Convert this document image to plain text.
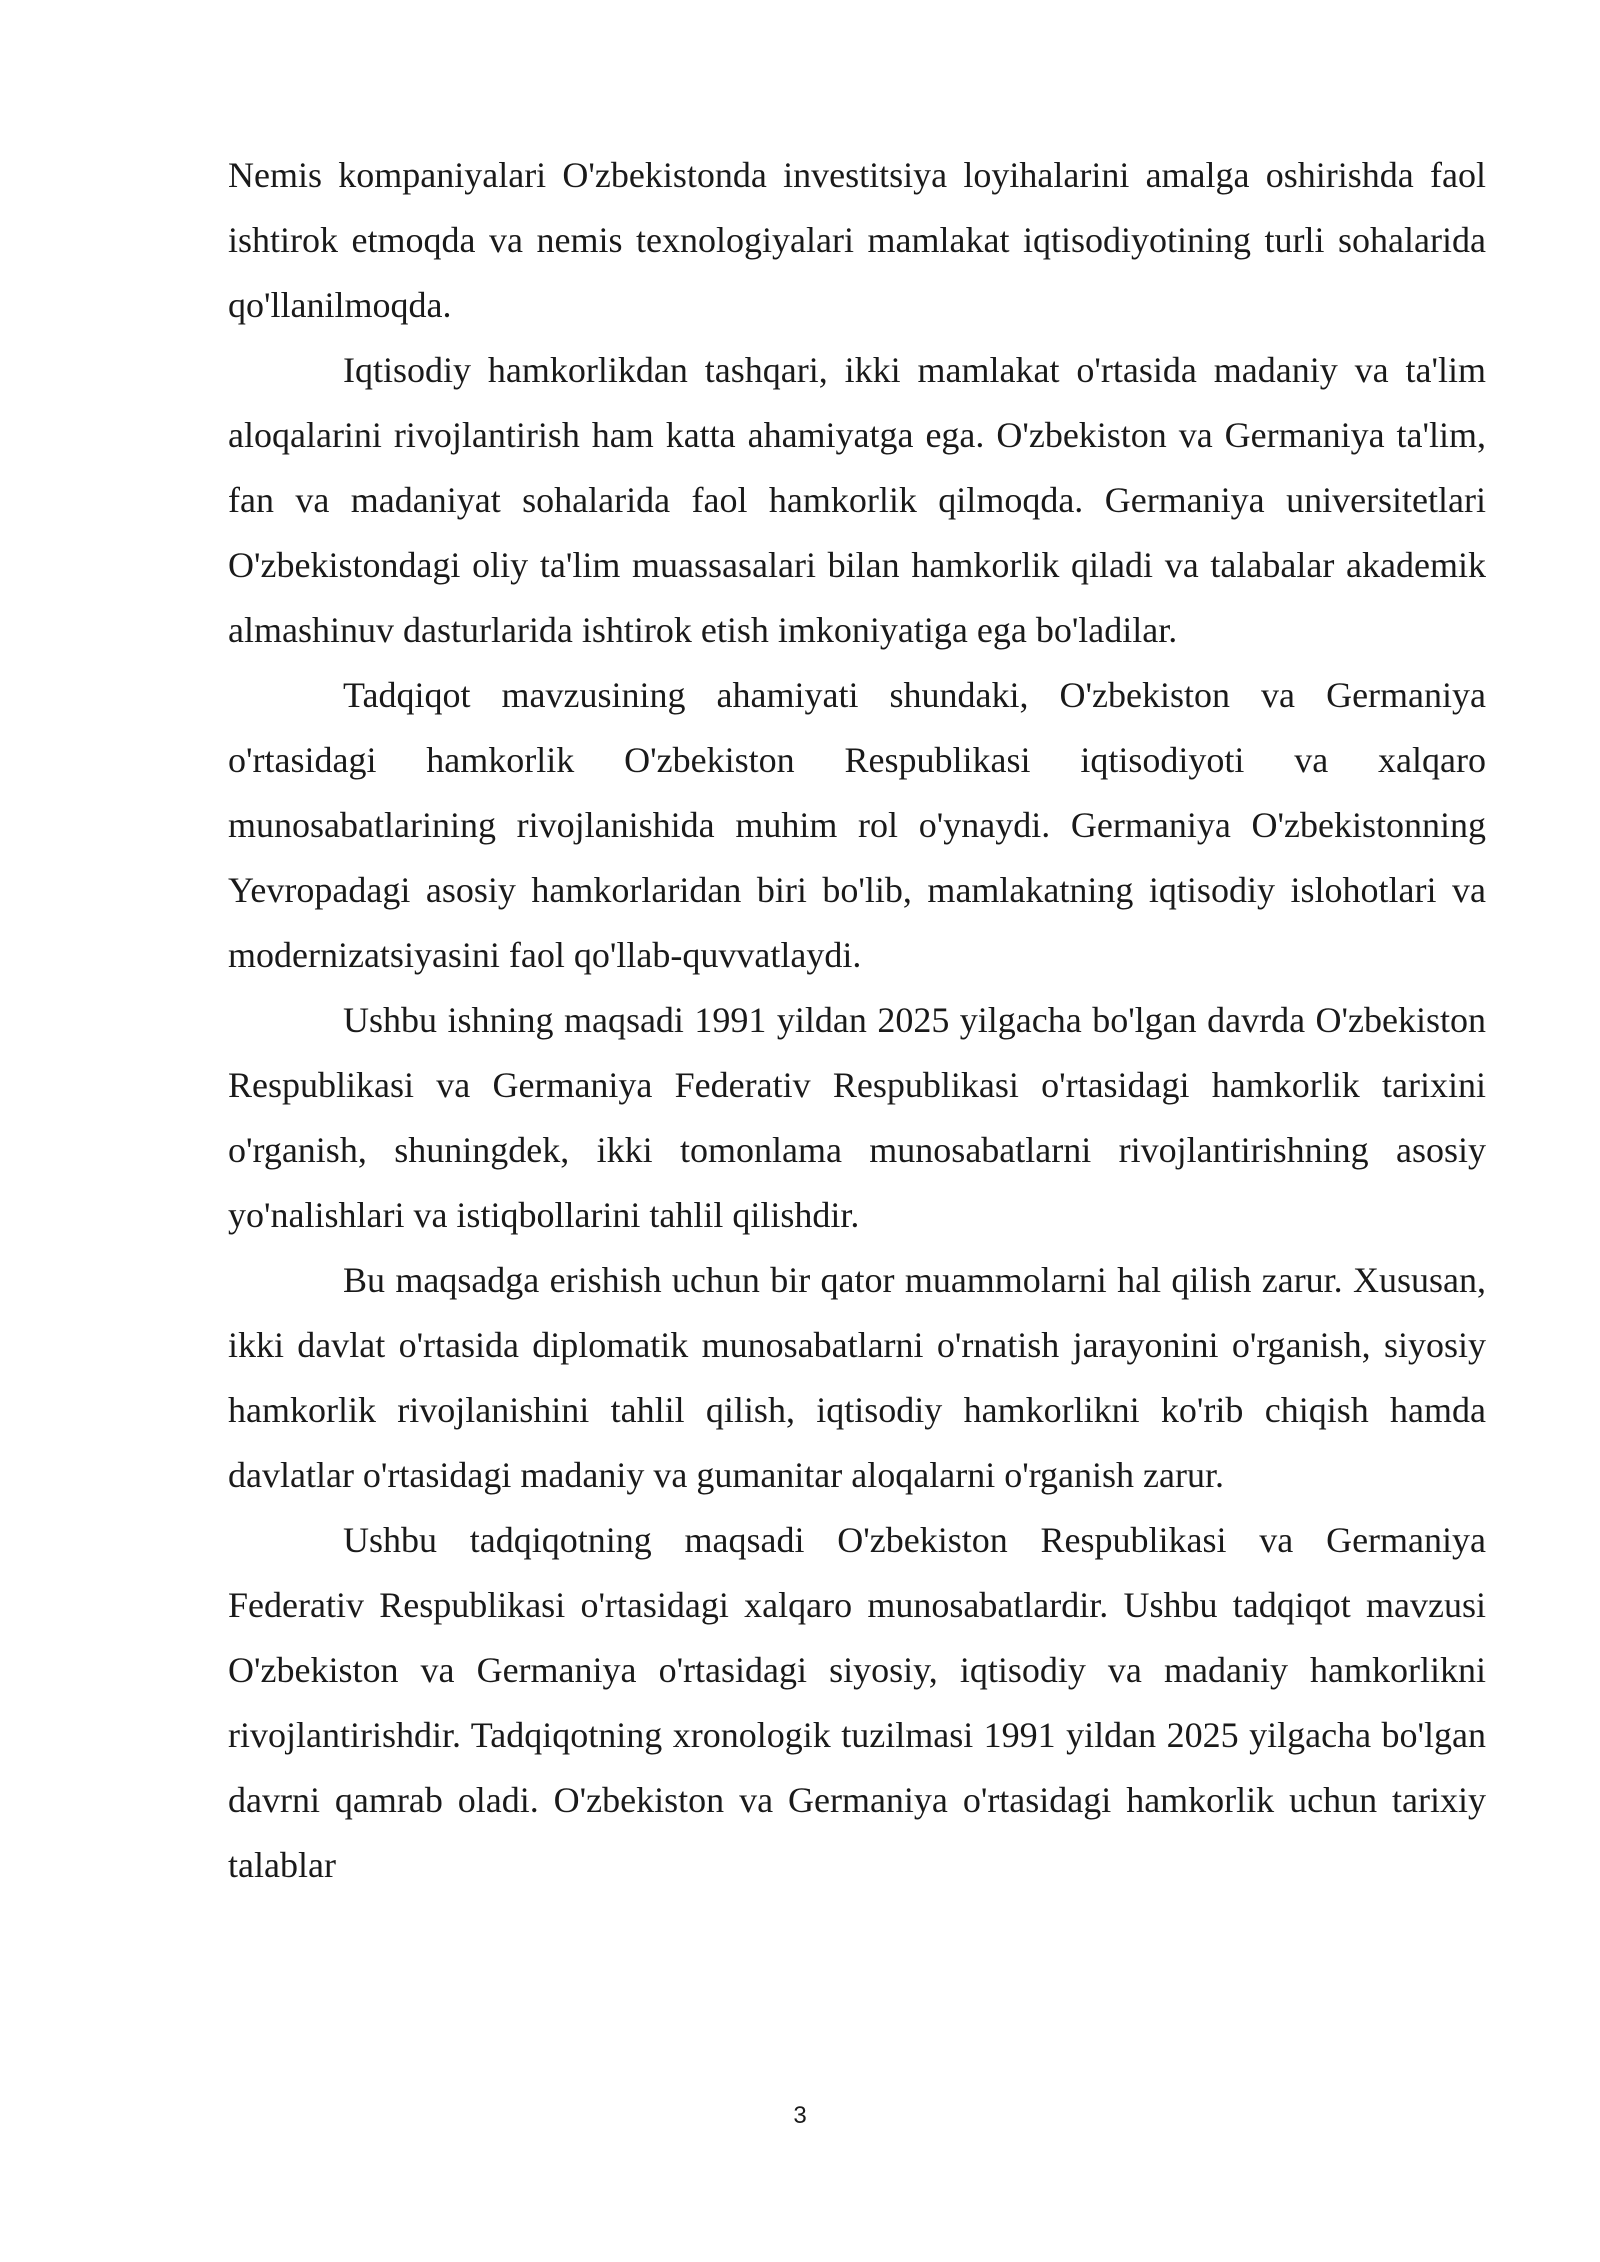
Nemis kompaniyalari O'zbekistonda investitsiya loyihalarini amalga oshirishda faol ishtirok etmoqda va nemis texnologiyalari mamlakat iqtisodiyotining turli sohalarida qo'llanilmoqda.

Iqtisodiy hamkorlikdan tashqari, ikki mamlakat o'rtasida madaniy va ta'lim aloqalarini rivojlantirish ham katta ahamiyatga ega. O'zbekiston va Germaniya ta'lim, fan va madaniyat sohalarida faol hamkorlik qilmoqda. Germaniya universitetlari O'zbekistondagi oliy ta'lim muassasalari bilan hamkorlik qiladi va talabalar akademik almashinuv dasturlarida ishtirok etish imkoniyatiga ega bo'ladilar.

Tadqiqot mavzusining ahamiyati shundaki, O'zbekiston va Germaniya o'rtasidagi hamkorlik O'zbekiston Respublikasi iqtisodiyoti va xalqaro munosabatlarining rivojlanishida muhim rol o'ynaydi. Germaniya O'zbekistonning Yevropadagi asosiy hamkorlaridan biri bo'lib, mamlakatning iqtisodiy islohotlari va modernizatsiyasini faol qo'llab-quvvatlaydi.

Ushbu ishning maqsadi 1991 yildan 2025 yilgacha bo'lgan davrda O'zbekiston Respublikasi va Germaniya Federativ Respublikasi o'rtasidagi hamkorlik tarixini o'rganish, shuningdek, ikki tomonlama munosabatlarni rivojlantirishning asosiy yo'nalishlari va istiqbollarini tahlil qilishdir.

Bu maqsadga erishish uchun bir qator muammolarni hal qilish zarur. Xususan, ikki davlat o'rtasida diplomatik munosabatlarni o'rnatish jarayonini o'rganish, siyosiy hamkorlik rivojlanishini tahlil qilish, iqtisodiy hamkorlikni ko'rib chiqish hamda davlatlar o'rtasidagi madaniy va gumanitar aloqalarni o'rganish zarur.

Ushbu tadqiqotning maqsadi O'zbekiston Respublikasi va Germaniya Federativ Respublikasi o'rtasidagi xalqaro munosabatlardir. Ushbu tadqiqot mavzusi O'zbekiston va Germaniya o'rtasidagi siyosiy, iqtisodiy va madaniy hamkorlikni rivojlantirishdir. Tadqiqotning xronologik tuzilmasi 1991 yildan 2025 yilgacha bo'lgan davrni qamrab oladi. O'zbekiston va Germaniya o'rtasidagi hamkorlik uchun tarixiy talablar

3
